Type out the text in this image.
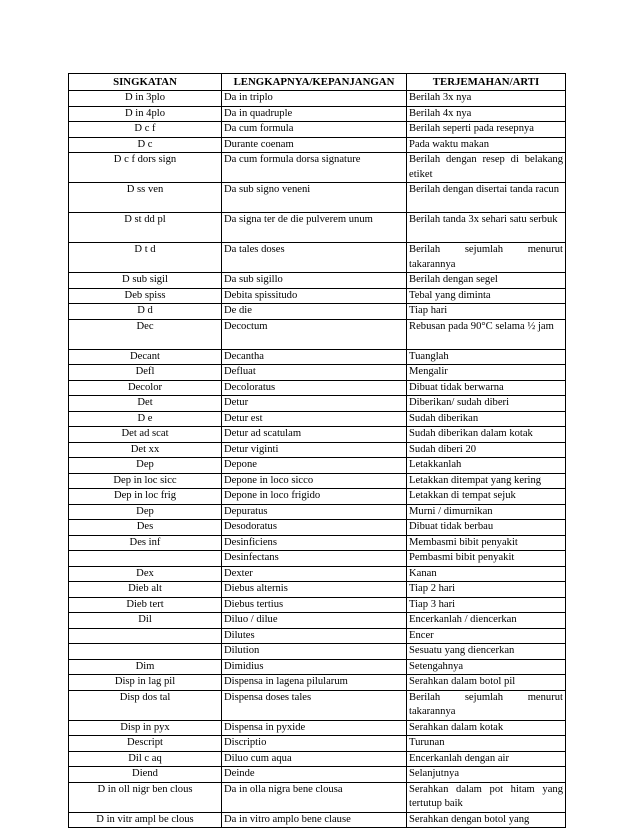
SINGKATAN	LENGKAPNYA/KEPANJANGAN	TERJEMAHAN/ARTI
D in 3plo	Da in triplo	Berilah 3x nya
D in 4plo	Da in quadruple	Berilah 4x nya
D c f	Da cum formula	Berilah seperti pada resepnya
D c	Durante coenam	Pada waktu makan
D c f dors sign	Da cum formula dorsa signature	Berilah dengan resep di belakang etiket
D ss ven	Da sub signo veneni	Berilah dengan disertai tanda racun
D st dd pl	Da signa ter de die pulverem unum	Berilah tanda 3x sehari satu serbuk
D t d	Da tales doses	Berilah sejumlah menurut takarannya
D sub sigil	Da sub sigillo	Berilah dengan segel
Deb spiss	Debita spissitudo	Tebal yang diminta
D d	De die	Tiap hari
Dec	Decoctum	Rebusan pada 90°C selama ½ jam
Decant	Decantha	Tuanglah
Defl	Defluat	Mengalir
Decolor	Decoloratus	Dibuat tidak berwarna
Det	Detur	Diberikan/ sudah diberi
D e	Detur est	Sudah diberikan
Det ad scat	Detur ad scatulam	Sudah diberikan dalam kotak
Det xx	Detur viginti	Sudah diberi 20
Dep	Depone	Letakkanlah
Dep in loc sicc	Depone in loco sicco	Letakkan ditempat yang kering
Dep in loc frig	Depone in loco frigido	Letakkan di tempat sejuk
Dep	Depuratus	Murni / dimurnikan
Des	Desodoratus	Dibuat tidak berbau
Des inf	Desinficiens	Membasmi bibit penyakit
	Desinfectans	Pembasmi bibit penyakit
Dex	Dexter	Kanan
Dieb alt	Diebus alternis	Tiap 2 hari
Dieb tert	Diebus tertius	Tiap 3 hari
Dil	Diluo / dilue	Encerkanlah / diencerkan
	Dilutes	Encer
	Dilution	Sesuatu yang diencerkan
Dim	Dimidius	Setengahnya
Disp in lag pil	Dispensa in lagena pilularum	Serahkan dalam botol pil
Disp dos tal	Dispensa doses tales	Berilah sejumlah menurut takarannya
Disp in pyx	Dispensa in pyxide	Serahkan dalam kotak
Descript	Discriptio	Turunan
Dil c aq	Diluo cum aqua	Encerkanlah dengan air
Diend	Deinde	Selanjutnya
D in oll nigr ben clous	Da in olla nigra bene clousa	Serahkan dalam pot hitam yang tertutup baik
D in vitr ampl be clous	Da in vitro amplo bene clause	Serahkan dengan botol yang
